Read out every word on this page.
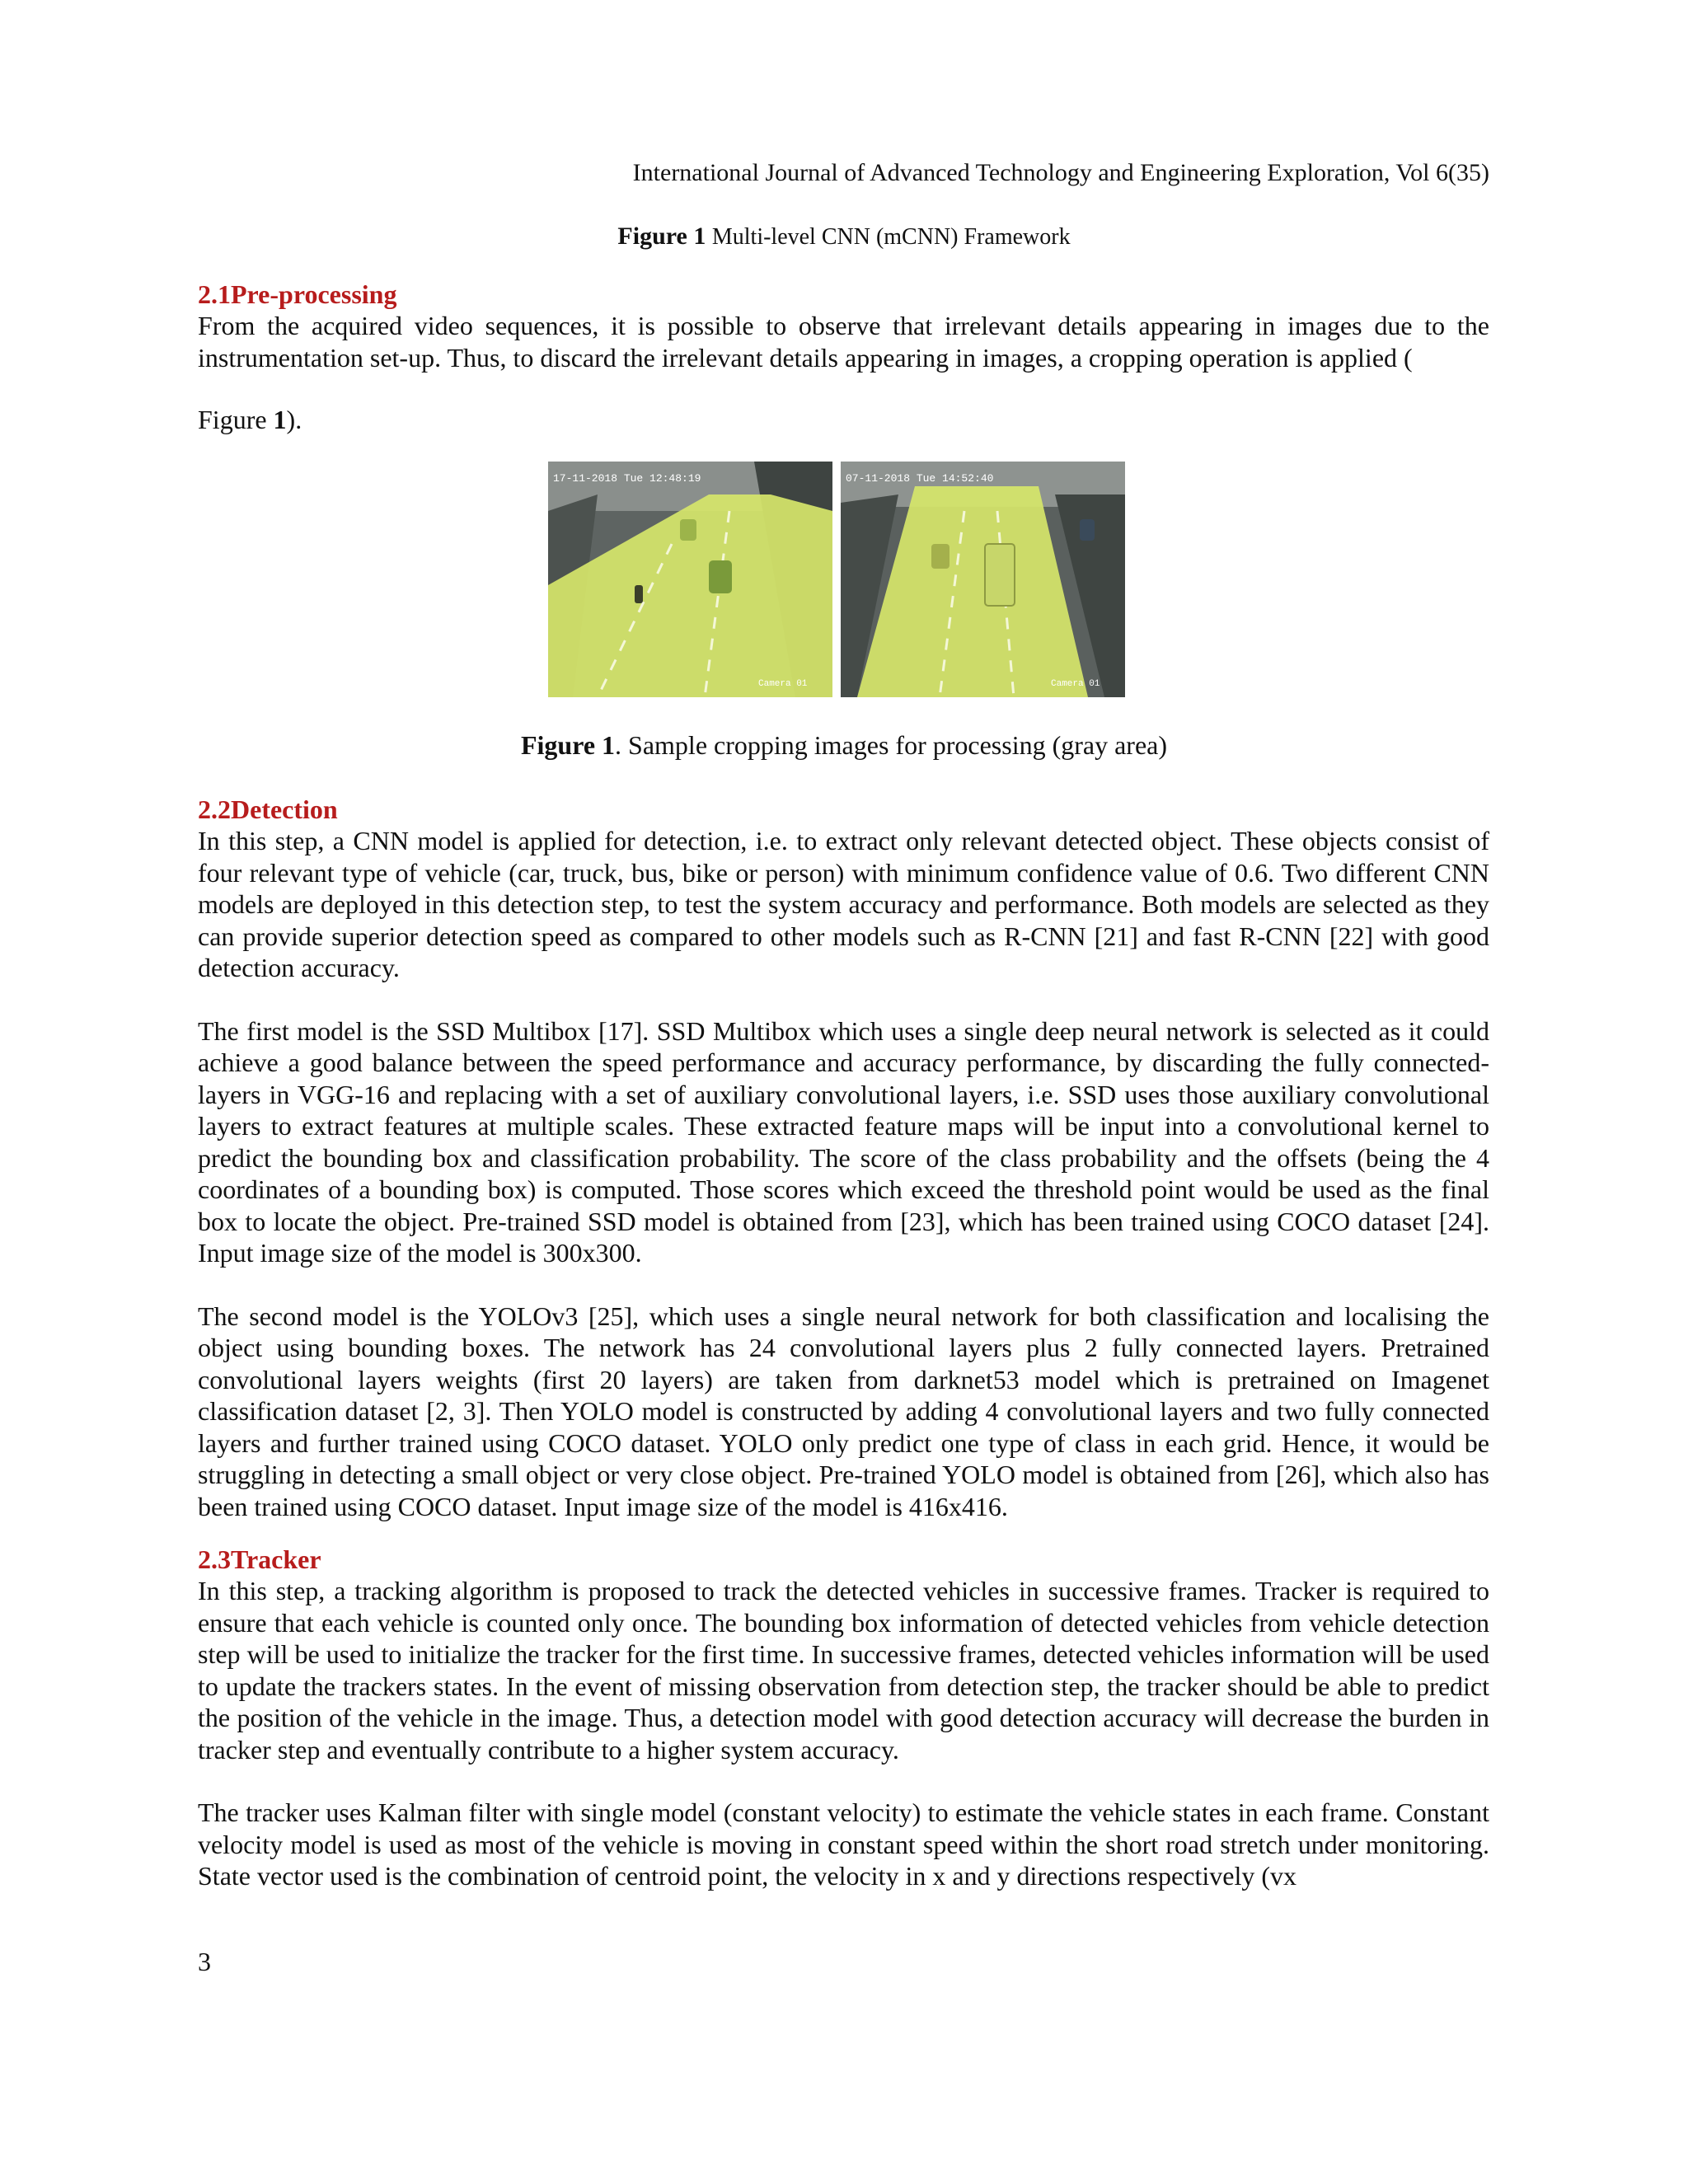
International Journal of Advanced Technology and Engineering Exploration, Vol 6(35)
Figure 1 Multi-level CNN (mCNN) Framework
2.1Pre-processing

From the acquired video sequences, it is possible to observe that irrelevant details appearing in images due to the instrumentation set-up. Thus, to discard the irrelevant details appearing in images, a cropping operation is applied (

Figure 1).
17-11-2018 Tue 12:48:19
Camera 01
07-11-2018 Tue 14:52:40
Camera 01
Figure 1. Sample cropping images for processing (gray area)
2.2Detection

In this step, a CNN model is applied for detection, i.e. to extract only relevant detected object. These objects consist of four relevant type of vehicle (car, truck, bus, bike or person) with minimum confidence value of 0.6. Two different CNN models are deployed in this detection step, to test the system accuracy and performance. Both models are selected as they can provide superior detection speed as compared to other models such as R-CNN [21] and fast R-CNN [22] with good detection accuracy.

The first model is the SSD Multibox [17]. SSD Multibox which uses a single deep neural network is selected as it could achieve a good balance between the speed performance and accuracy performance, by discarding the fully connected-layers in VGG-16 and replacing with a set of auxiliary convolutional layers, i.e. SSD uses those auxiliary convolutional layers to extract features at multiple scales. These extracted feature maps will be input into a convolutional kernel to predict the bounding box and classification probability. The score of the class probability and the offsets (being the 4 coordinates of a bounding box) is computed. Those scores which exceed the threshold point would be used as the final box to locate the object. Pre-trained SSD model is obtained from [23], which has been trained using COCO dataset [24]. Input image size of the model is 300x300.

The second model is the YOLOv3 [25], which uses a single neural network for both classification and localising the object using bounding boxes. The network has 24 convolutional layers plus 2 fully connected layers. Pretrained convolutional layers weights (first 20 layers) are taken from darknet53 model which is pretrained on Imagenet classification dataset [2, 3]. Then YOLO model is constructed by adding 4 convolutional layers and two fully connected layers and further trained using COCO dataset. YOLO only predict one type of class in each grid. Hence, it would be struggling in detecting a small object or very close object. Pre-trained YOLO model is obtained from [26], which also has been trained using COCO dataset. Input image size of the model is 416x416.

2.3Tracker

In this step, a tracking algorithm is proposed to track the detected vehicles in successive frames. Tracker is required to ensure that each vehicle is counted only once. The bounding box information of detected vehicles from vehicle detection step will be used to initialize the tracker for the first time. In successive frames, detected vehicles information will be used to update the trackers states. In the event of missing observation from detection step, the tracker should be able to predict the position of the vehicle in the image. Thus, a detection model with good detection accuracy will decrease the burden in tracker step and eventually contribute to a higher system accuracy.

The tracker uses Kalman filter with single model (constant velocity) to estimate the vehicle states in each frame. Constant velocity model is used as most of the vehicle is moving in constant speed within the short road stretch under monitoring. State vector used is the combination of centroid point, the velocity in x and y directions respectively (vx

3
